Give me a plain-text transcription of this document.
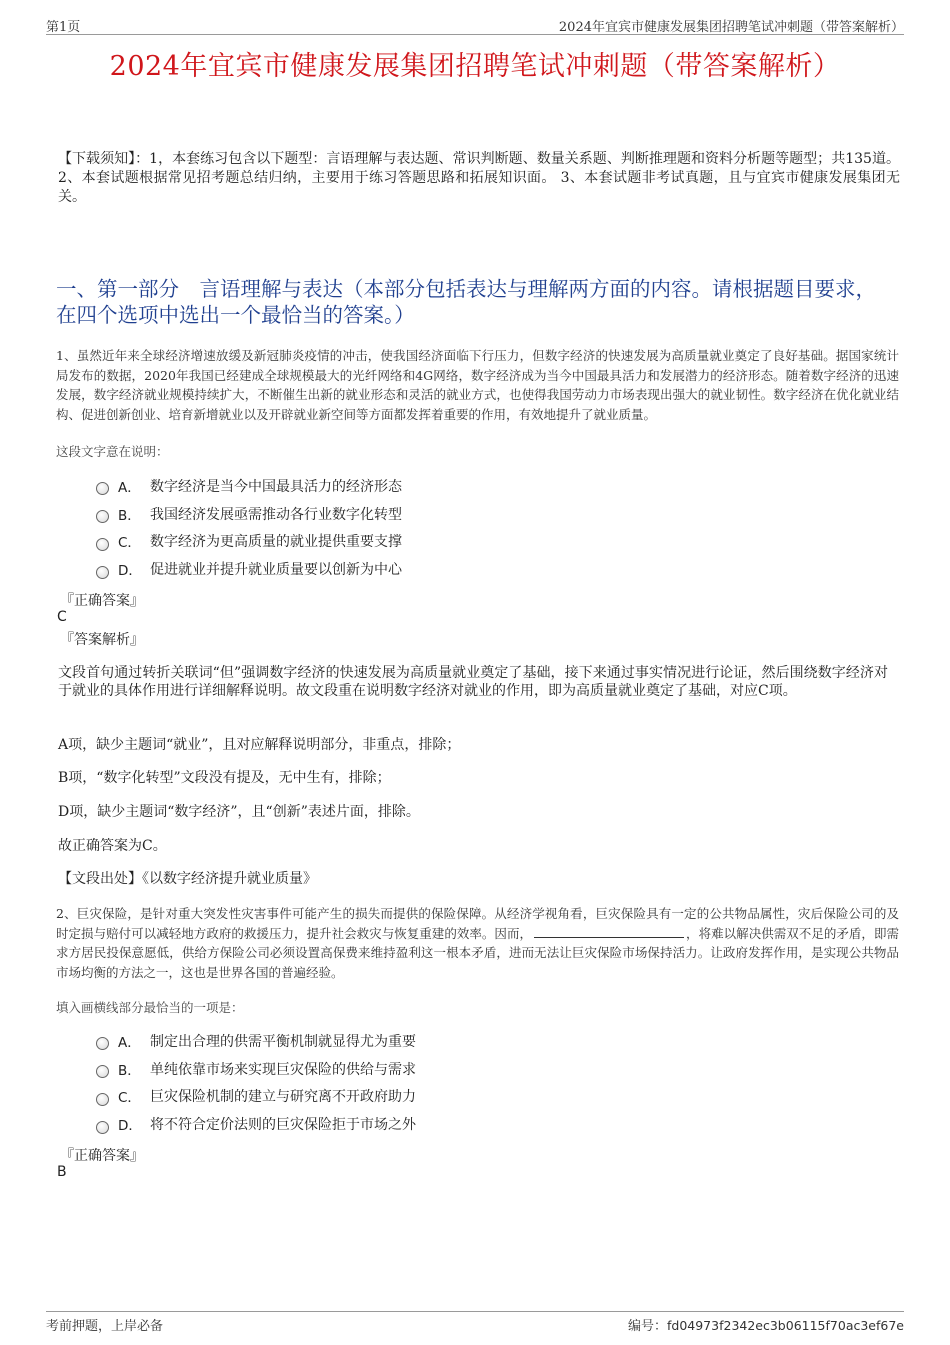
第1页	2024年宜宾市健康发展集团招聘笔试冲刺题（带答案解析）
2024年宜宾市健康发展集团招聘笔试冲刺题（带答案解析）
【下载须知】：1，本套练习包含以下题型：言语理解与表达题、常识判断题、数量关系题、判断推理题和资料分析题等题型；共135道。 2、本套试题根据常见招考题总结归纳，主要用于练习答题思路和拓展知识面。 3、本套试题非考试真题，且与宜宾市健康发展集团无关。
一、第一部分　言语理解与表达（本部分包括表达与理解两方面的内容。请根据题目要求，在四个选项中选出一个最恰当的答案。）
1、虽然近年来全球经济增速放缓及新冠肺炎疫情的冲击，使我国经济面临下行压力，但数字经济的快速发展为高质量就业奠定了良好基础。据国家统计局发布的数据，2020年我国已经建成全球规模最大的光纤网络和4G网络，数字经济成为当今中国最具活力和发展潜力的经济形态。随着数字经济的迅速发展，数字经济就业规模持续扩大，不断催生出新的就业形态和灵活的就业方式，也使得我国劳动力市场表现出强大的就业韧性。数字经济在优化就业结构、促进创新创业、培育新增就业以及开辟就业新空间等方面都发挥着重要的作用，有效地提升了就业质量。
这段文字意在说明：
A． 数字经济是当今中国最具活力的经济形态
B． 我国经济发展亟需推动各行业数字化转型
C． 数字经济为更高质量的就业提供重要支撑
D． 促进就业并提升就业质量要以创新为中心
『正确答案』
C
『答案解析』
文段首句通过转折关联词“但”强调数字经济的快速发展为高质量就业奠定了基础，接下来通过事实情况进行论证，然后围绕数字经济对于就业的具体作用进行详细解释说明。故文段重在说明数字经济对就业的作用，即为高质量就业奠定了基础，对应C项。
A项，缺少主题词“就业”，且对应解释说明部分，非重点，排除；
B项，“数字化转型”文段没有提及，无中生有，排除；
D项，缺少主题词“数字经济”，且“创新”表述片面，排除。
故正确答案为C。
【文段出处】《以数字经济提升就业质量》
2、巨灾保险，是针对重大突发性灾害事件可能产生的损失而提供的保险保障。从经济学视角看，巨灾保险具有一定的公共物品属性，灾后保险公司的及时定损与赔付可以减轻地方政府的救援压力，提升社会救灾与恢复重建的效率。因而，	，将难以解决供需双不足的矛盾，即需求方居民投保意愿低，供给方保险公司必须设置高保费来维持盈利这一根本矛盾，进而无法让巨灾保险市场保持活力。让政府发挥作用，是实现公共物品市场均衡的方法之一，这也是世界各国的普遍经验。
填入画横线部分最恰当的一项是：
A． 制定出合理的供需平衡机制就显得尤为重要
B． 单纯依靠市场来实现巨灾保险的供给与需求
C． 巨灾保险机制的建立与研究离不开政府助力
D． 将不符合定价法则的巨灾保险拒于市场之外
『正确答案』
B
考前押题，上岸必备	编号：fd04973f2342ec3b06115f70ac3ef67e
